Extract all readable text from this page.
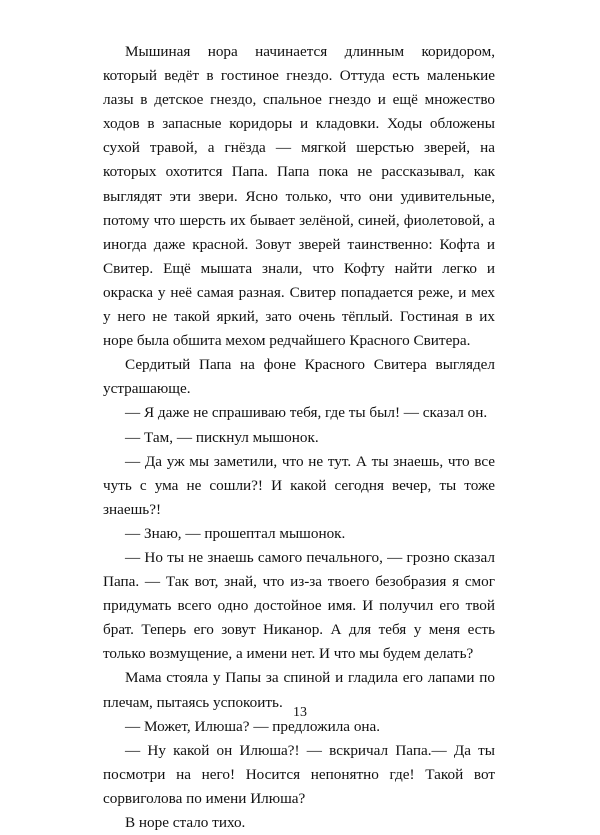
Мышиная нора начинается длинным коридором, который ведёт в гостиное гнездо. Оттуда есть маленькие лазы в детское гнездо, спальное гнездо и ещё множество ходов в запасные коридоры и кладовки. Ходы обложены сухой травой, а гнёзда — мягкой шерстью зверей, на которых охотится Папа. Папа пока не рассказывал, как выглядят эти звери. Ясно только, что они удивительные, потому что шерсть их бывает зелёной, синей, фиолетовой, а иногда даже красной. Зовут зверей таинственно: Кофта и Свитер. Ещё мышата знали, что Кофту найти легко и окраска у неё самая разная. Свитер попадается реже, и мех у него не такой яркий, зато очень тёплый. Гостиная в их норе была обшита мехом редчайшего Красного Свитера.

Сердитый Папа на фоне Красного Свитера выглядел устрашающе.

— Я даже не спрашиваю тебя, где ты был! — сказал он.

— Там, — пискнул мышонок.

— Да уж мы заметили, что не тут. А ты знаешь, что все чуть с ума не сошли?! И какой сегодня вечер, ты тоже знаешь?!

— Знаю, — прошептал мышонок.

— Но ты не знаешь самого печального, — грозно сказал Папа. — Так вот, знай, что из-за твоего безобразия я смог придумать всего одно достойное имя. И получил его твой брат. Теперь его зовут Никанор. А для тебя у меня есть только возмущение, а имени нет. И что мы будем делать?

Мама стояла у Папы за спиной и гладила его лапами по плечам, пытаясь успокоить.

— Может, Илюша? — предложила она.

— Ну какой он Илюша?! — вскричал Папа.— Да ты посмотри на него! Носится непонятно где! Такой вот сорвиголова по имени Илюша?

В норе стало тихо.

13
